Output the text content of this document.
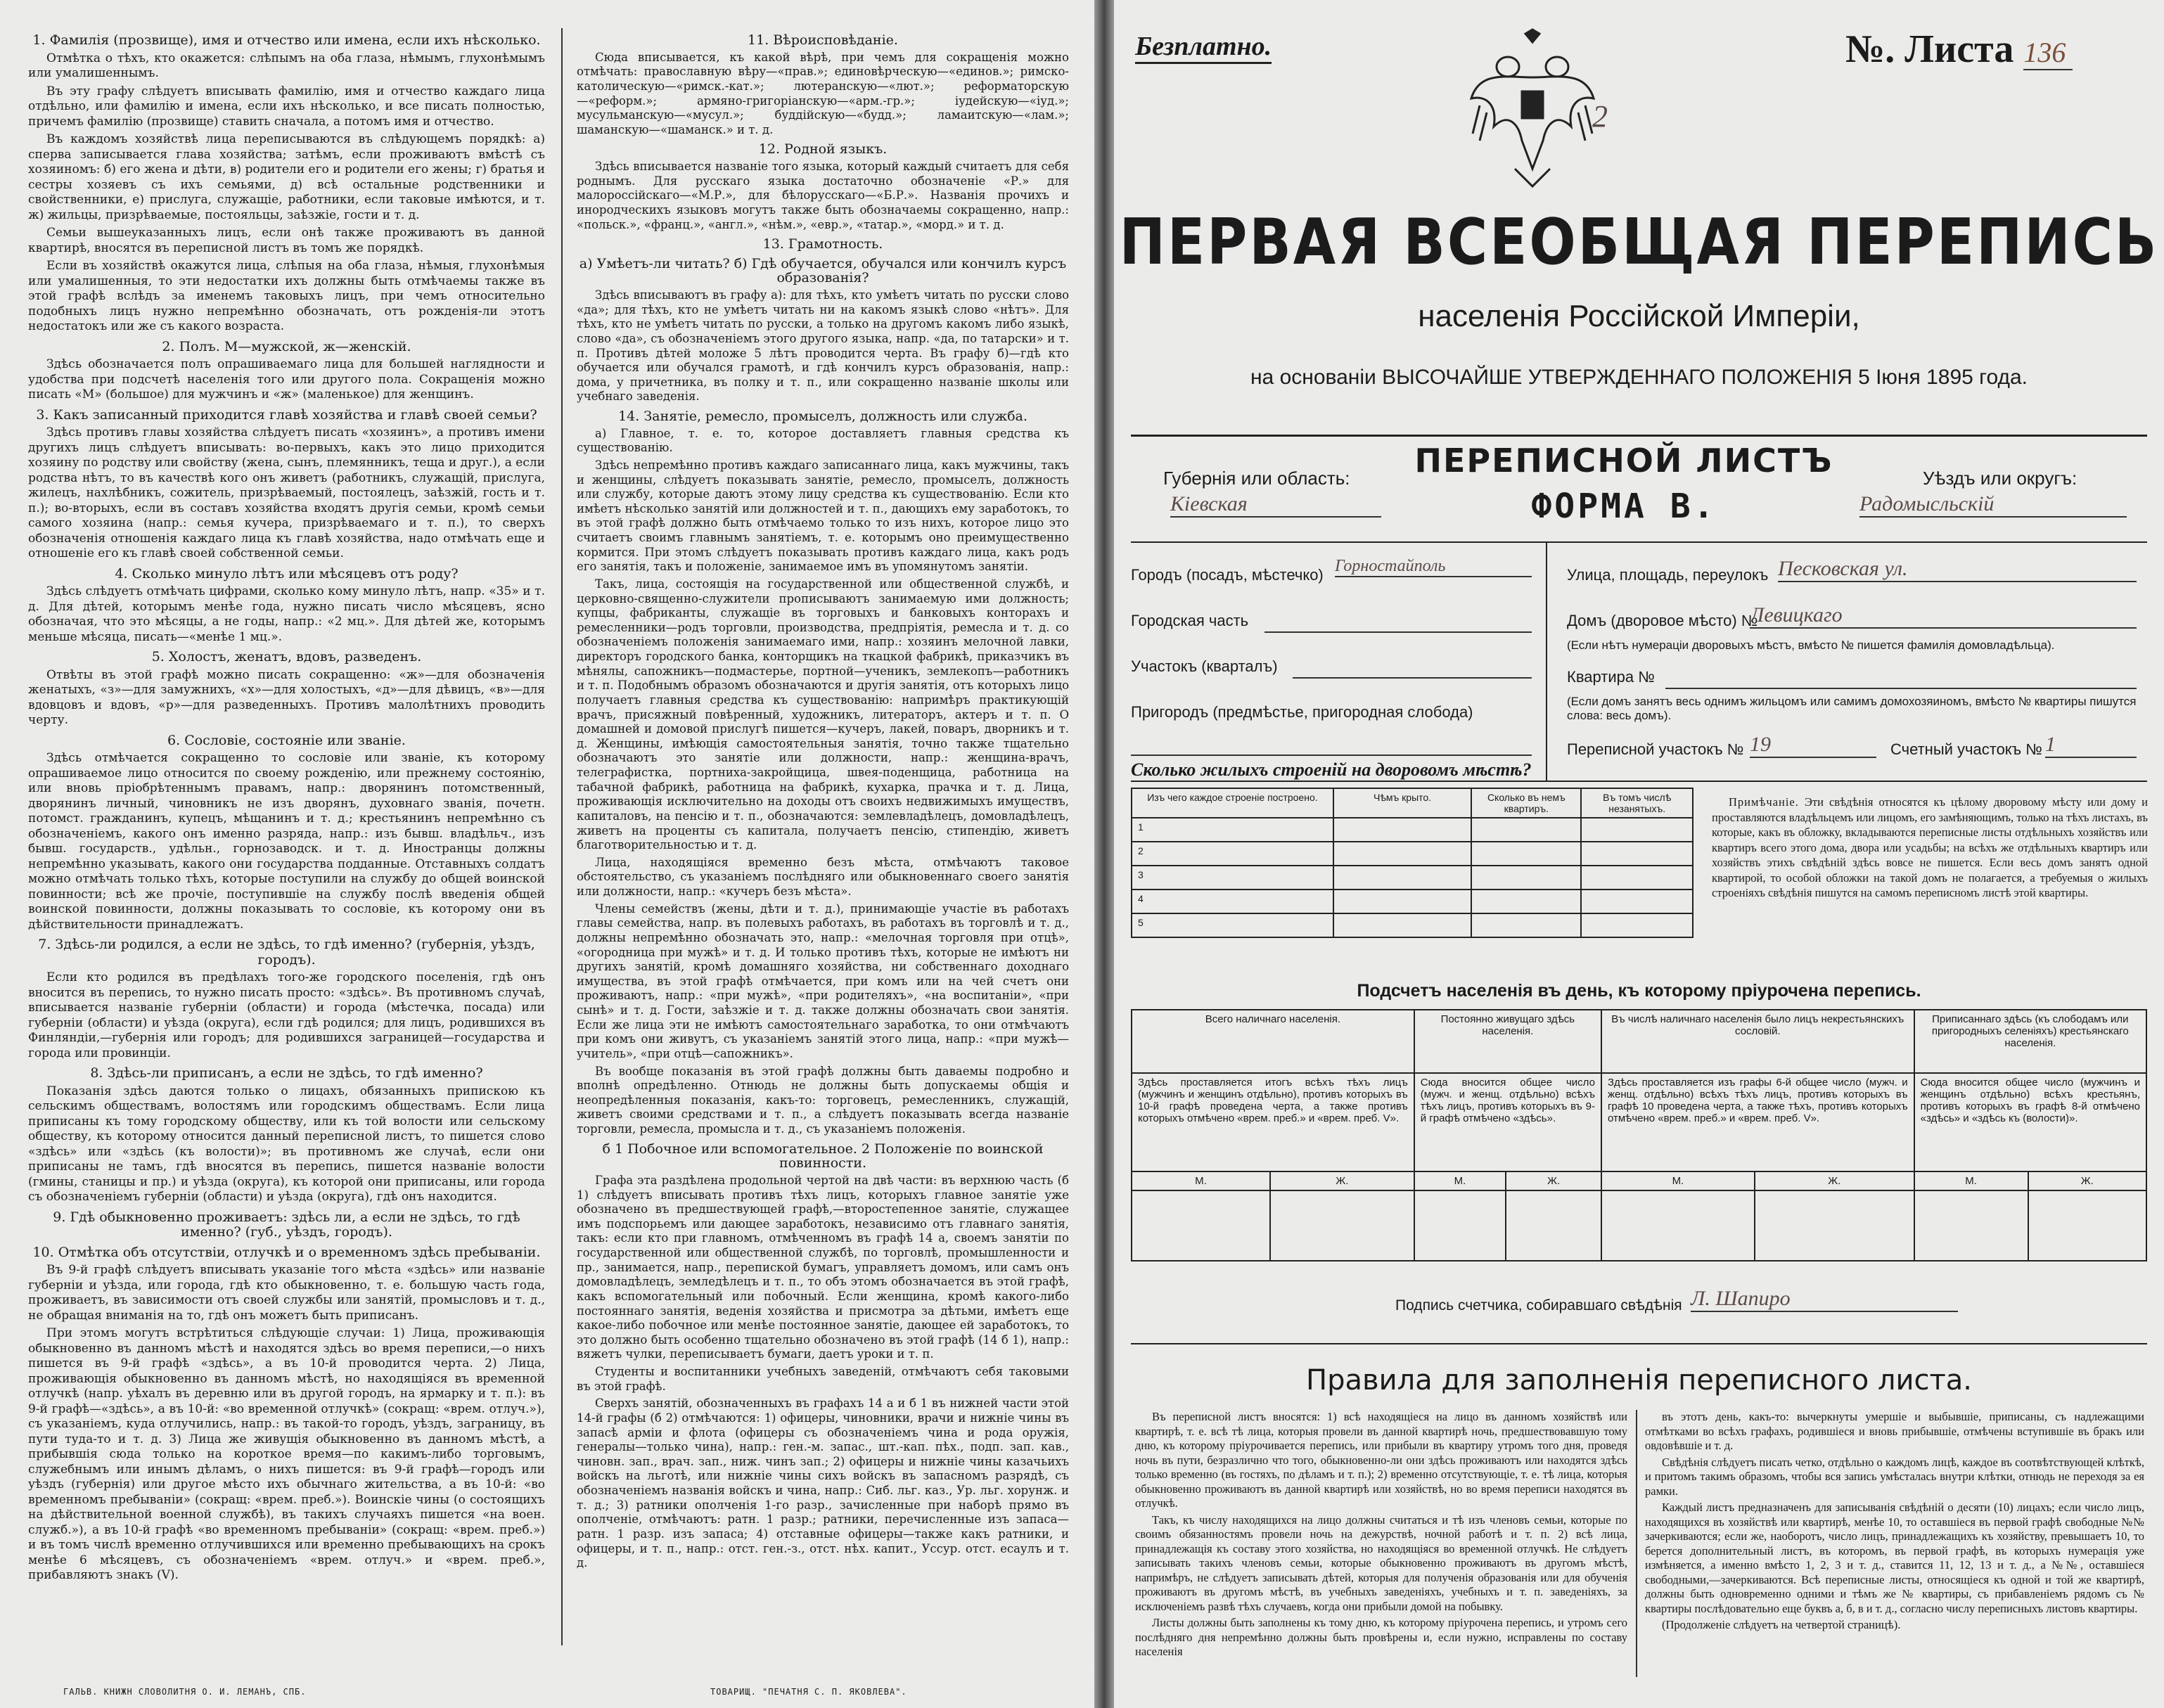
1. Фамилія (прозвище), имя и отчество или имена, если ихъ нѣсколько.

Отмѣтка о тѣхъ, кто окажется: слѣпымъ на оба глаза, нѣмымъ, глухонѣмымъ или умалишеннымъ.

Въ эту графу слѣдуетъ вписывать фамилію, имя и отчество каждаго лица отдѣльно, или фамилію и имена, если ихъ нѣсколько, и все писать полностью, причемъ фамилію (прозвище) ставить сначала, а потомъ имя и отчество.

Въ каждомъ хозяйствѣ лица переписываются въ слѣдующемъ порядкѣ: а) сперва записывается глава хозяйства; затѣмъ, если проживаютъ вмѣстѣ съ хозяиномъ: б) его жена и дѣти, в) родители его и родители его жены; г) братья и сестры хозяевъ съ ихъ семьями, д) всѣ остальные родственники и свойственники, е) прислуга, служащіе, работники, если таковые имѣются, и т. ж) жильцы, призрѣваемые, постояльцы, заѣзжіе, гости и т. д.

Семьи вышеуказанныхъ лицъ, если онѣ также проживаютъ въ данной квартирѣ, вносятся въ переписной листъ въ томъ же порядкѣ.

Если въ хозяйствѣ окажутся лица, слѣпыя на оба глаза, нѣмыя, глухонѣмыя или умалишенныя, то эти недостатки ихъ должны быть отмѣчаемы также въ этой графѣ вслѣдъ за именемъ таковыхъ лицъ, при чемъ относительно подобныхъ лицъ нужно непремѣнно обозначать, отъ рожденія-ли этотъ недостатокъ или же съ какого возраста.

2. Полъ. М—мужской, ж—женскій.

Здѣсь обозначается полъ опрашиваемаго лица для большей наглядности и удобства при подсчетѣ населенія того или другого пола. Сокращенія можно писать «М» (большое) для мужчинъ и «ж» (маленькое) для женщинъ.

3. Какъ записанный приходится главѣ хозяйства и главѣ своей семьи?

Здѣсь противъ главы хозяйства слѣдуетъ писать «хозяинъ», а противъ имени другихъ лицъ слѣдуетъ вписывать: во-первыхъ, какъ это лицо приходится хозяину по родству или свойству (жена, сынъ, племянникъ, теща и друг.), а если родства нѣтъ, то въ качествѣ кого онъ живетъ (работникъ, служащій, прислуга, жилецъ, нахлѣбникъ, сожитель, призрѣваемый, постоялецъ, заѣзжій, гость и т. п.); во-вторыхъ, если въ составъ хозяйства входятъ другія семьи, кромѣ семьи самого хозяина (напр.: семья кучера, призрѣваемаго и т. п.), то сверхъ обозначенія отношенія каждаго лица къ главѣ хозяйства, надо отмѣчать еще и отношеніе его къ главѣ своей собственной семьи.

4. Сколько минуло лѣтъ или мѣсяцевъ отъ роду?

Здѣсь слѣдуетъ отмѣчать цифрами, сколько кому минуло лѣтъ, напр. «35» и т. д. Для дѣтей, которымъ менѣе года, нужно писать число мѣсяцевъ, ясно обозначая, что это мѣсяцы, а не годы, напр.: «2 мц.». Для дѣтей же, которымъ меньше мѣсяца, писать—«менѣе 1 мц.».

5. Холостъ, женатъ, вдовъ, разведенъ.

Отвѣты въ этой графѣ можно писать сокращенно: «ж»—для обозначенія женатыхъ, «з»—для замужнихъ, «х»—для холостыхъ, «д»—для дѣвицъ, «в»—для вдовцовъ и вдовъ, «р»—для разведенныхъ. Противъ малолѣтнихъ проводить черту.

6. Сословіе, состояніе или званіе.

Здѣсь отмѣчается сокращенно то сословіе или званіе, къ которому опрашиваемое лицо относится по своему рожденію, или прежнему состоянію, или вновь пріобрѣтеннымъ правамъ, напр.: дворянинъ потомственный, дворянинъ личный, чиновникъ не изъ дворянъ, духовнаго званія, почетн. потомст. гражданинъ, купецъ, мѣщанинъ и т. д.; крестьянинъ непремѣнно съ обозначеніемъ, какого онъ именно разряда, напр.: изъ бывш. владѣльч., изъ бывш. государств., удѣльн., горнозаводск. и т. д. Иностранцы должны непремѣнно указывать, какого они государства подданные. Отставныхъ солдатъ можно отмѣчать только тѣхъ, которые поступили на службу до общей воинской повинности; всѣ же прочіе, поступившіе на службу послѣ введенія общей воинской повинности, должны показывать то сословіе, къ которому они въ дѣйствительности принадлежатъ.

7. Здѣсь-ли родился, а если не здѣсь, то гдѣ именно? (губернія, уѣздъ, городъ).

Если кто родился въ предѣлахъ того-же городского поселенія, гдѣ онъ вносится въ перепись, то нужно писать просто: «здѣсь». Въ противномъ случаѣ, вписывается названіе губерніи (области) и города (мѣстечка, посада) или губерніи (области) и уѣзда (округа), если гдѣ родился; для лицъ, родившихся въ Финляндіи,—губернія или городъ; для родившихся заграницей—государства и города или провинціи.

8. Здѣсь-ли приписанъ, а если не здѣсь, то гдѣ именно?

Показанія здѣсь даются только о лицахъ, обязанныхъ припискою къ сельскимъ обществамъ, волостямъ или городскимъ обществамъ. Если лица приписаны къ тому городскому обществу, или къ той волости или сельскому обществу, къ которому относится данный переписной листъ, то пишется слово «здѣсь» или «здѣсь (къ волости)»; въ противномъ же случаѣ, если они приписаны не тамъ, гдѣ вносятся въ перепись, пишется названіе волости (гмины, станицы и пр.) и уѣзда (округа), къ которой они приписаны, или города съ обозначеніемъ губерніи (области) и уѣзда (округа), гдѣ онъ находится.

9. Гдѣ обыкновенно проживаетъ: здѣсь ли, а если не здѣсь, то гдѣ именно? (губ., уѣздъ, городъ).
10. Отмѣтка объ отсутствіи, отлучкѣ и о временномъ здѣсь пребываніи.

Въ 9-й графѣ слѣдуетъ вписывать указаніе того мѣста «здѣсь» или названіе губерніи и уѣзда, или города, гдѣ кто обыкновенно, т. е. большую часть года, проживаетъ, въ зависимости отъ своей службы или занятій, промысловъ и т. д., не обращая вниманія на то, гдѣ онъ можетъ быть приписанъ.

При этомъ могутъ встрѣтиться слѣдующіе случаи: 1) Лица, проживающія обыкновенно въ данномъ мѣстѣ и находятся здѣсь во время переписи,—о нихъ пишется въ 9-й графѣ «здѣсь», а въ 10-й проводится черта. 2) Лица, проживающія обыкновенно въ данномъ мѣстѣ, но находящіяся въ временной отлучкѣ (напр. уѣхалъ въ деревню или въ другой городъ, на ярмарку и т. п.): въ 9-й графѣ—«здѣсь», а въ 10-й: «во временной отлучкѣ» (сокращ: «врем. отлуч.»), съ указаніемъ, куда отлучились, напр.: въ такой-то городъ, уѣздъ, заграницу, въ пути туда-то и т. д. 3) Лица же живущія обыкновенно въ данномъ мѣстѣ, а прибывшія сюда только на короткое время—по какимъ-либо торговымъ, служебнымъ или инымъ дѣламъ, о нихъ пишется: въ 9-й графѣ—городъ или уѣздъ (губернія) или другое мѣсто ихъ обычнаго жительства, а въ 10-й: «во временномъ пребываніи» (сокращ: «врем. преб.»). Воинскіе чины (о состоящихъ на дѣйствительной военной службѣ), въ такихъ случаяхъ пишется «на воен. служб.»), а въ 10-й графѣ «во временномъ пребываніи» (сокращ: «врем. преб.») и въ томъ числѣ временно отлучившихся или временно пребывающихъ на срокъ менѣе 6 мѣсяцевъ, съ обозначеніемъ «врем. отлуч.» и «врем. преб.», прибавляютъ знакъ (V).

11. Вѣроисповѣданіе.

Сюда вписывается, къ какой вѣрѣ, при чемъ для сокращенія можно отмѣчать: православную вѣру—«прав.»; единовѣрческую—«единов.»; римско-католическую—«римск.-кат.»; лютеранскую—«лют.»; реформаторскую—«реформ.»; армяно-григоріанскую—«арм.-гр.»; іудейскую—«іуд.»; мусульманскую—«мусул.»; буддійскую—«будд.»; ламаитскую—«лам.»; шаманскую—«шаманск.» и т. д.

12. Родной языкъ.

Здѣсь вписывается названіе того языка, который каждый считаетъ для себя роднымъ. Для русскаго языка достаточно обозначеніе «Р.» для малороссійскаго—«М.Р.», для бѣлорусскаго—«Б.Р.». Названія прочихъ и инородческихъ языковъ могутъ также быть обозначаемы сокращенно, напр.: «польск.», «франц.», «англ.», «нѣм.», «евр.», «татар.», «морд.» и т. д.

13. Грамотность.
а) Умѣетъ-ли читать? б) Гдѣ обучается, обучался или кончилъ курсъ образованія?

Здѣсь вписываютъ въ графу а): для тѣхъ, кто умѣетъ читать по русски слово «да»; для тѣхъ, кто не умѣетъ читать ни на какомъ языкѣ слово «нѣтъ». Для тѣхъ, кто не умѣетъ читать по русски, а только на другомъ какомъ либо языкѣ, слово «да», съ обозначеніемъ этого другого языка, напр. «да, по татарски» и т. п. Противъ дѣтей моложе 5 лѣтъ проводится черта. Въ графу б)—гдѣ кто обучается или обучался грамотѣ, и гдѣ кончилъ курсъ образованія, напр.: дома, у причетника, въ полку и т. п., или сокращенно названіе школы или учебнаго заведенія.

14. Занятіе, ремесло, промыселъ, должность или служба.

а) Главное, т. е. то, которое доставляетъ главныя средства къ существованію.

Здѣсь непремѣнно противъ каждаго записаннаго лица, какъ мужчины, такъ и женщины, слѣдуетъ показывать занятіе, ремесло, промыселъ, должность или службу, которые даютъ этому лицу средства къ существованію. Если кто имѣетъ нѣсколько занятій или должностей и т. п., дающихъ ему заработокъ, то въ этой графѣ должно быть отмѣчаемо только то изъ нихъ, которое лицо это считаетъ своимъ главнымъ занятіемъ, т. е. которымъ оно преимущественно кормится. При этомъ слѣдуетъ показывать противъ каждаго лица, какъ родъ его занятія, такъ и положеніе, занимаемое имъ въ упомянутомъ занятіи.

Такъ, лица, состоящія на государственной или общественной службѣ, и церковно-священно-служители прописываютъ занимаемую ими должность; купцы, фабриканты, служащіе въ торговыхъ и банковыхъ конторахъ и ремесленники—родъ торговли, производства, предпріятія, ремесла и т. д. со обозначеніемъ положенія занимаемаго ими, напр.: хозяинъ мелочной лавки, директоръ городского банка, конторщикъ на ткацкой фабрикѣ, приказчикъ въ мѣнялы, сапожникъ—подмастерье, портной—ученикъ, землекопъ—работникъ и т. п. Подобнымъ образомъ обозначаются и другія занятія, отъ которыхъ лицо получаетъ главныя средства къ существованію: напримѣръ практикующій врачъ, присяжный повѣренный, художникъ, литераторъ, актеръ и т. п. О домашней и домовой прислугѣ пишется—кучеръ, лакей, поваръ, дворникъ и т. д. Женщины, имѣющія самостоятельныя занятія, точно также тщательно обозначаютъ это занятіе или должности, напр.: женщина-врачъ, телеграфистка, портниха-закройщица, швея-поденщица, работница на табачной фабрикѣ, работница на фабрикѣ, кухарка, прачка и т. д. Лица, проживающія исключительно на доходы отъ своихъ недвижимыхъ имуществъ, капиталовъ, на пенсію и т. п., обозначаются: землевладѣлецъ, домовладѣлецъ, живетъ на проценты съ капитала, получаетъ пенсію, стипендію, живетъ благотворительностью и т. д.

Лица, находящіяся временно безъ мѣста, отмѣчаютъ таковое обстоятельство, съ указаніемъ послѣдняго или обыкновеннаго своего занятія или должности, напр.: «кучеръ безъ мѣста».

Члены семействъ (жены, дѣти и т. д.), принимающіе участіе въ работахъ главы семейства, напр. въ полевыхъ работахъ, въ работахъ въ торговлѣ и т. д., должны непремѣнно обозначать это, напр.: «мелочная торговля при отцѣ», «огородница при мужѣ» и т. д. И только противъ тѣхъ, которые не имѣютъ ни другихъ занятій, кромѣ домашняго хозяйства, ни собственнаго доходнаго имущества, въ этой графѣ отмѣчается, при комъ или на чей счетъ они проживаютъ, напр.: «при мужѣ», «при родителяхъ», «на воспитаніи», «при сынѣ» и т. д. Гости, заѣзжіе и т. д. также должны обозначать свои занятія. Если же лица эти не имѣютъ самостоятельнаго заработка, то они отмѣчаютъ при комъ они живутъ, съ указаніемъ занятій этого лица, напр.: «при мужѣ—учитель», «при отцѣ—сапожникъ».

Въ вообще показанія въ этой графѣ должны быть даваемы подробно и вполнѣ опредѣленно. Отнюдь не должны быть допускаемы общія и неопредѣленныя показанія, какъ-то: торговецъ, ремесленникъ, служащій, живетъ своими средствами и т. п., а слѣдуетъ показывать всегда названіе торговли, ремесла, промысла и т. д., съ указаніемъ положенія.

б 1 Побочное или вспомогательное. 2 Положеніе по воинской повинности.

Графа эта раздѣлена продольной чертой на двѣ части: въ верхнюю часть (б 1) слѣдуетъ вписывать противъ тѣхъ лицъ, которыхъ главное занятіе уже обозначено въ предшествующей графѣ,—второстепенное занятіе, служащее имъ подспорьемъ или дающее заработокъ, независимо отъ главнаго занятія, такъ: если кто при главномъ, отмѣченномъ въ графѣ 14 а, своемъ занятіи по государственной или общественной службѣ, по торговлѣ, промышленности и пр., занимается, напр., перепиской бумагъ, управляетъ домомъ, или самъ онъ домовладѣлецъ, земледѣлецъ и т. п., то объ этомъ обозначается въ этой графѣ, какъ вспомогательный или побочный. Если женщина, кромѣ какого-либо постояннаго занятія, веденія хозяйства и присмотра за дѣтьми, имѣетъ еще какое-либо побочное или менѣе постоянное занятіе, дающее ей заработокъ, то это должно быть особенно тщательно обозначено въ этой графѣ (14 б 1), напр.: вяжетъ чулки, переписываетъ бумаги, даетъ уроки и т. п.

Студенты и воспитанники учебныхъ заведеній, отмѣчаютъ себя таковыми въ этой графѣ.

Сверхъ занятій, обозначенныхъ въ графахъ 14 а и б 1 въ нижней части этой 14-й графы (б 2) отмѣчаются: 1) офицеры, чиновники, врачи и нижніе чины въ запасѣ арміи и флота (офицеры съ обозначеніемъ чина и рода оружія, генералы—только чина), напр.: ген.-м. запас., шт.-кап. пѣх., подп. зап. кав., чиновн. зап., врач. зап., ниж. чинъ зап.; 2) офицеры и нижніе чины казачьихъ войскъ на льготѣ, или нижніе чины сихъ войскъ въ запасномъ разрядѣ, съ обозначеніемъ названія войскъ и чина, напр.: Сиб. льг. каз., Ур. льг. хорунж. и т. д.; 3) ратники ополченія 1-го разр., зачисленные при наборѣ прямо въ ополченіе, отмѣчаютъ: ратн. 1 разр.; ратники, перечисленные изъ запаса—ратн. 1 разр. изъ запаса; 4) отставные офицеры—также какъ ратники, и офицеры, и т. п., напр.: отст. ген.-з., отст. нѣх. капит., Уссур. отст. есаулъ и т. д.

ГАЛЬВ. КНИЖН СЛОВОЛИТНЯ О. И. ЛЕМАНЪ, СПБ.	ТОВАРИЩ. "ПЕЧАТНЯ С. П. ЯКОВЛЕВА".
Безплатно.	№. Листа 136
2
ПЕРВАЯ ВСЕОБЩАЯ ПЕРЕПИСЬ
населенія Россійской Имперіи,
на основаніи ВЫСОЧАЙШЕ УТВЕРЖДЕННАГО ПОЛОЖЕНІЯ 5 Іюня 1895 года.
ПЕРЕПИСНОЙ ЛИСТЪ
ФОРМА В.
Губернія или область:
Кіевская
Уѣздъ или округъ:
Радомысльскій
Городъ (посадъ, мѣстечко) Горностайполь
Городская часть
Участокъ (кварталъ)
Пригородъ (предмѣстье, пригородная слобода)
Улица, площадь, переулокъ Песковская ул.
Домъ (дворовое мѣсто) №
Левицкаго
(Если нѣтъ нумераціи дворовыхъ мѣстъ, вмѣсто № пишется фамилія домовладѣльца).
Квартира №
(Если домъ занятъ весь однимъ жильцомъ или самимъ домохозяиномъ, вмѣсто № квартиры пишутся слова: весь домъ).
Переписной участокъ № 19	Счетный участокъ № 1
Сколько жилыхъ строеній на дворовомъ мѣстѣ?
Изъ чего каждое строеніе построено.	Чѣмъ крыто.	Сколько въ немъ квартиръ.	Въ томъ числѣ незанятыхъ.
1			
2			
3			
4			
5			
Примѣчаніе. Эти свѣдѣнія относятся къ цѣлому дворовому мѣсту или дому и проставляются владѣльцемъ или лицомъ, его замѣняющимъ, только на тѣхъ листахъ, въ которые, какъ въ обложку, вкладываются переписные листы отдѣльныхъ хозяйствъ или квартиръ всего этого дома, двора или усадьбы; на всѣхъ же отдѣльныхъ квартиръ или хозяйствъ этихъ свѣдѣній здѣсь вовсе не пишется. Если весь домъ занятъ одной квартирой, то особой обложки на такой домъ не полагается, а требуемыя о жилыхъ строеніяхъ свѣдѣнія пишутся на самомъ переписномъ листѣ этой квартиры.
Подсчетъ населенія въ день, къ которому пріурочена перепись.
Всего наличнаго населенія.		Постоянно живущаго здѣсь населенія.		Въ числѣ наличнаго населенія было лицъ некрестьянскихъ сословій.		Приписаннаго здѣсь (къ слободамъ или пригородныхъ селеніяхъ) крестьянскаго населенія.	
Здѣсь проставляется итогъ всѣхъ тѣхъ лицъ (мужчинъ и женщинъ отдѣльно), противъ которыхъ въ 10-й графѣ проведена черта, а также противъ которыхъ отмѣчено «врем. преб.» и «врем. преб. V».		Сюда вносится общее число (мужч. и женщ. отдѣльно) всѣхъ тѣхъ лицъ, противъ которыхъ въ 9-й графѣ отмѣчено «здѣсь».		Здѣсь проставляется изъ графы 6-й общее число (мужч. и женщ. отдѣльно) всѣхъ тѣхъ лицъ, противъ которыхъ въ графѣ 10 проведена черта, а также тѣхъ, противъ которыхъ отмѣчено «врем. преб.» и «врем. преб. V».		Сюда вносится общее число (мужчинъ и женщинъ отдѣльно) всѣхъ крестьянъ, противъ которыхъ въ графѣ 8-й отмѣчено «здѣсь» и «здѣсь къ (волости)».	
М.	Ж.	М.	Ж.	М.	Ж.	М.	Ж.

Подпись счетчика, собиравшаго свѣдѣнія Л. Шапиро
Правила для заполненія переписного листа.

Въ переписной листъ вносятся: 1) всѣ находящіеся на лицо въ данномъ хозяйствѣ или квартирѣ, т. е. всѣ тѣ лица, которыя провели въ данной квартирѣ ночь, предшествовавшую тому дню, къ которому пріурочивается перепись, или прибыли въ квартиру утромъ того дня, проведя ночь въ пути, безразлично что того, обыкновенно-ли они здѣсь проживаютъ или находятся здѣсь только временно (въ гостяхъ, по дѣламъ и т. п.); 2) временно отсутствующіе, т. е. тѣ лица, которыя обыкновенно проживаютъ въ данной квартирѣ или хозяйствѣ, но во время переписи находятся въ отлучкѣ.

Такъ, къ числу находящихся на лицо должны считаться и тѣ изъ членовъ семьи, которые по своимъ обязанностямъ провели ночь на дежурствѣ, ночной работѣ и т. п. 2) всѣ лица, принадлежащія къ составу этого хозяйства, но находящіяся во временной отлучкѣ. Не слѣдуетъ записывать такихъ членовъ семьи, которые обыкновенно проживаютъ въ другомъ мѣстѣ, напримѣръ, не слѣдуетъ записывать дѣтей, которыя для полученія образованія или для обученія проживаютъ въ другомъ мѣстѣ, въ учебныхъ заведеніяхъ, учебныхъ и т. п. заведеніяхъ, за исключеніемъ развѣ тѣхъ случаевъ, когда они прибыли домой на побывку.

Листы должны быть заполнены къ тому дню, къ которому пріурочена перепись, и утромъ сего послѣдняго дня непремѣнно должны быть провѣрены и, если нужно, исправлены по составу населенія

въ этотъ день, какъ-то: вычеркнуты умершіе и выбывшіе, приписаны, съ надлежащими отмѣтками во всѣхъ графахъ, родившіеся и вновь прибывшіе, отмѣчены вступившіе въ бракъ или овдовѣвшіе и т. д.

Свѣдѣнія слѣдуетъ писать четко, отдѣльно о каждомъ лицѣ, каждое въ соотвѣтствующей клѣткѣ, и притомъ такимъ образомъ, чтобы вся запись умѣсталась внутри клѣтки, отнюдь не переходя за ея рамки.

Каждый листъ предназначенъ для записыванія свѣдѣній о десяти (10) лицахъ; если число лицъ, находящихся въ хозяйствѣ или квартирѣ, менѣе 10, то оставшіеся въ первой графѣ свободные №№ зачеркиваются; если же, наоборотъ, число лицъ, принадлежащихъ къ хозяйству, превышаетъ 10, то берется дополнительный листъ, въ которомъ, въ первой графѣ, въ которыхъ нумерація уже измѣняется, а именно вмѣсто 1, 2, 3 и т. д., ставится 11, 12, 13 и т. д., а №№, оставшіеся свободными,—зачеркиваются. Всѣ переписные листы, относящіеся къ одной и той же квартирѣ, должны быть одновременно одними и тѣмъ же № квартиры, съ прибавленіемъ рядомъ съ № квартиры послѣдовательно еще буквъ а, б, в и т. д., согласно числу переписныхъ листовъ квартиры.

(Продолженіе слѣдуетъ на четвертой страницѣ).
